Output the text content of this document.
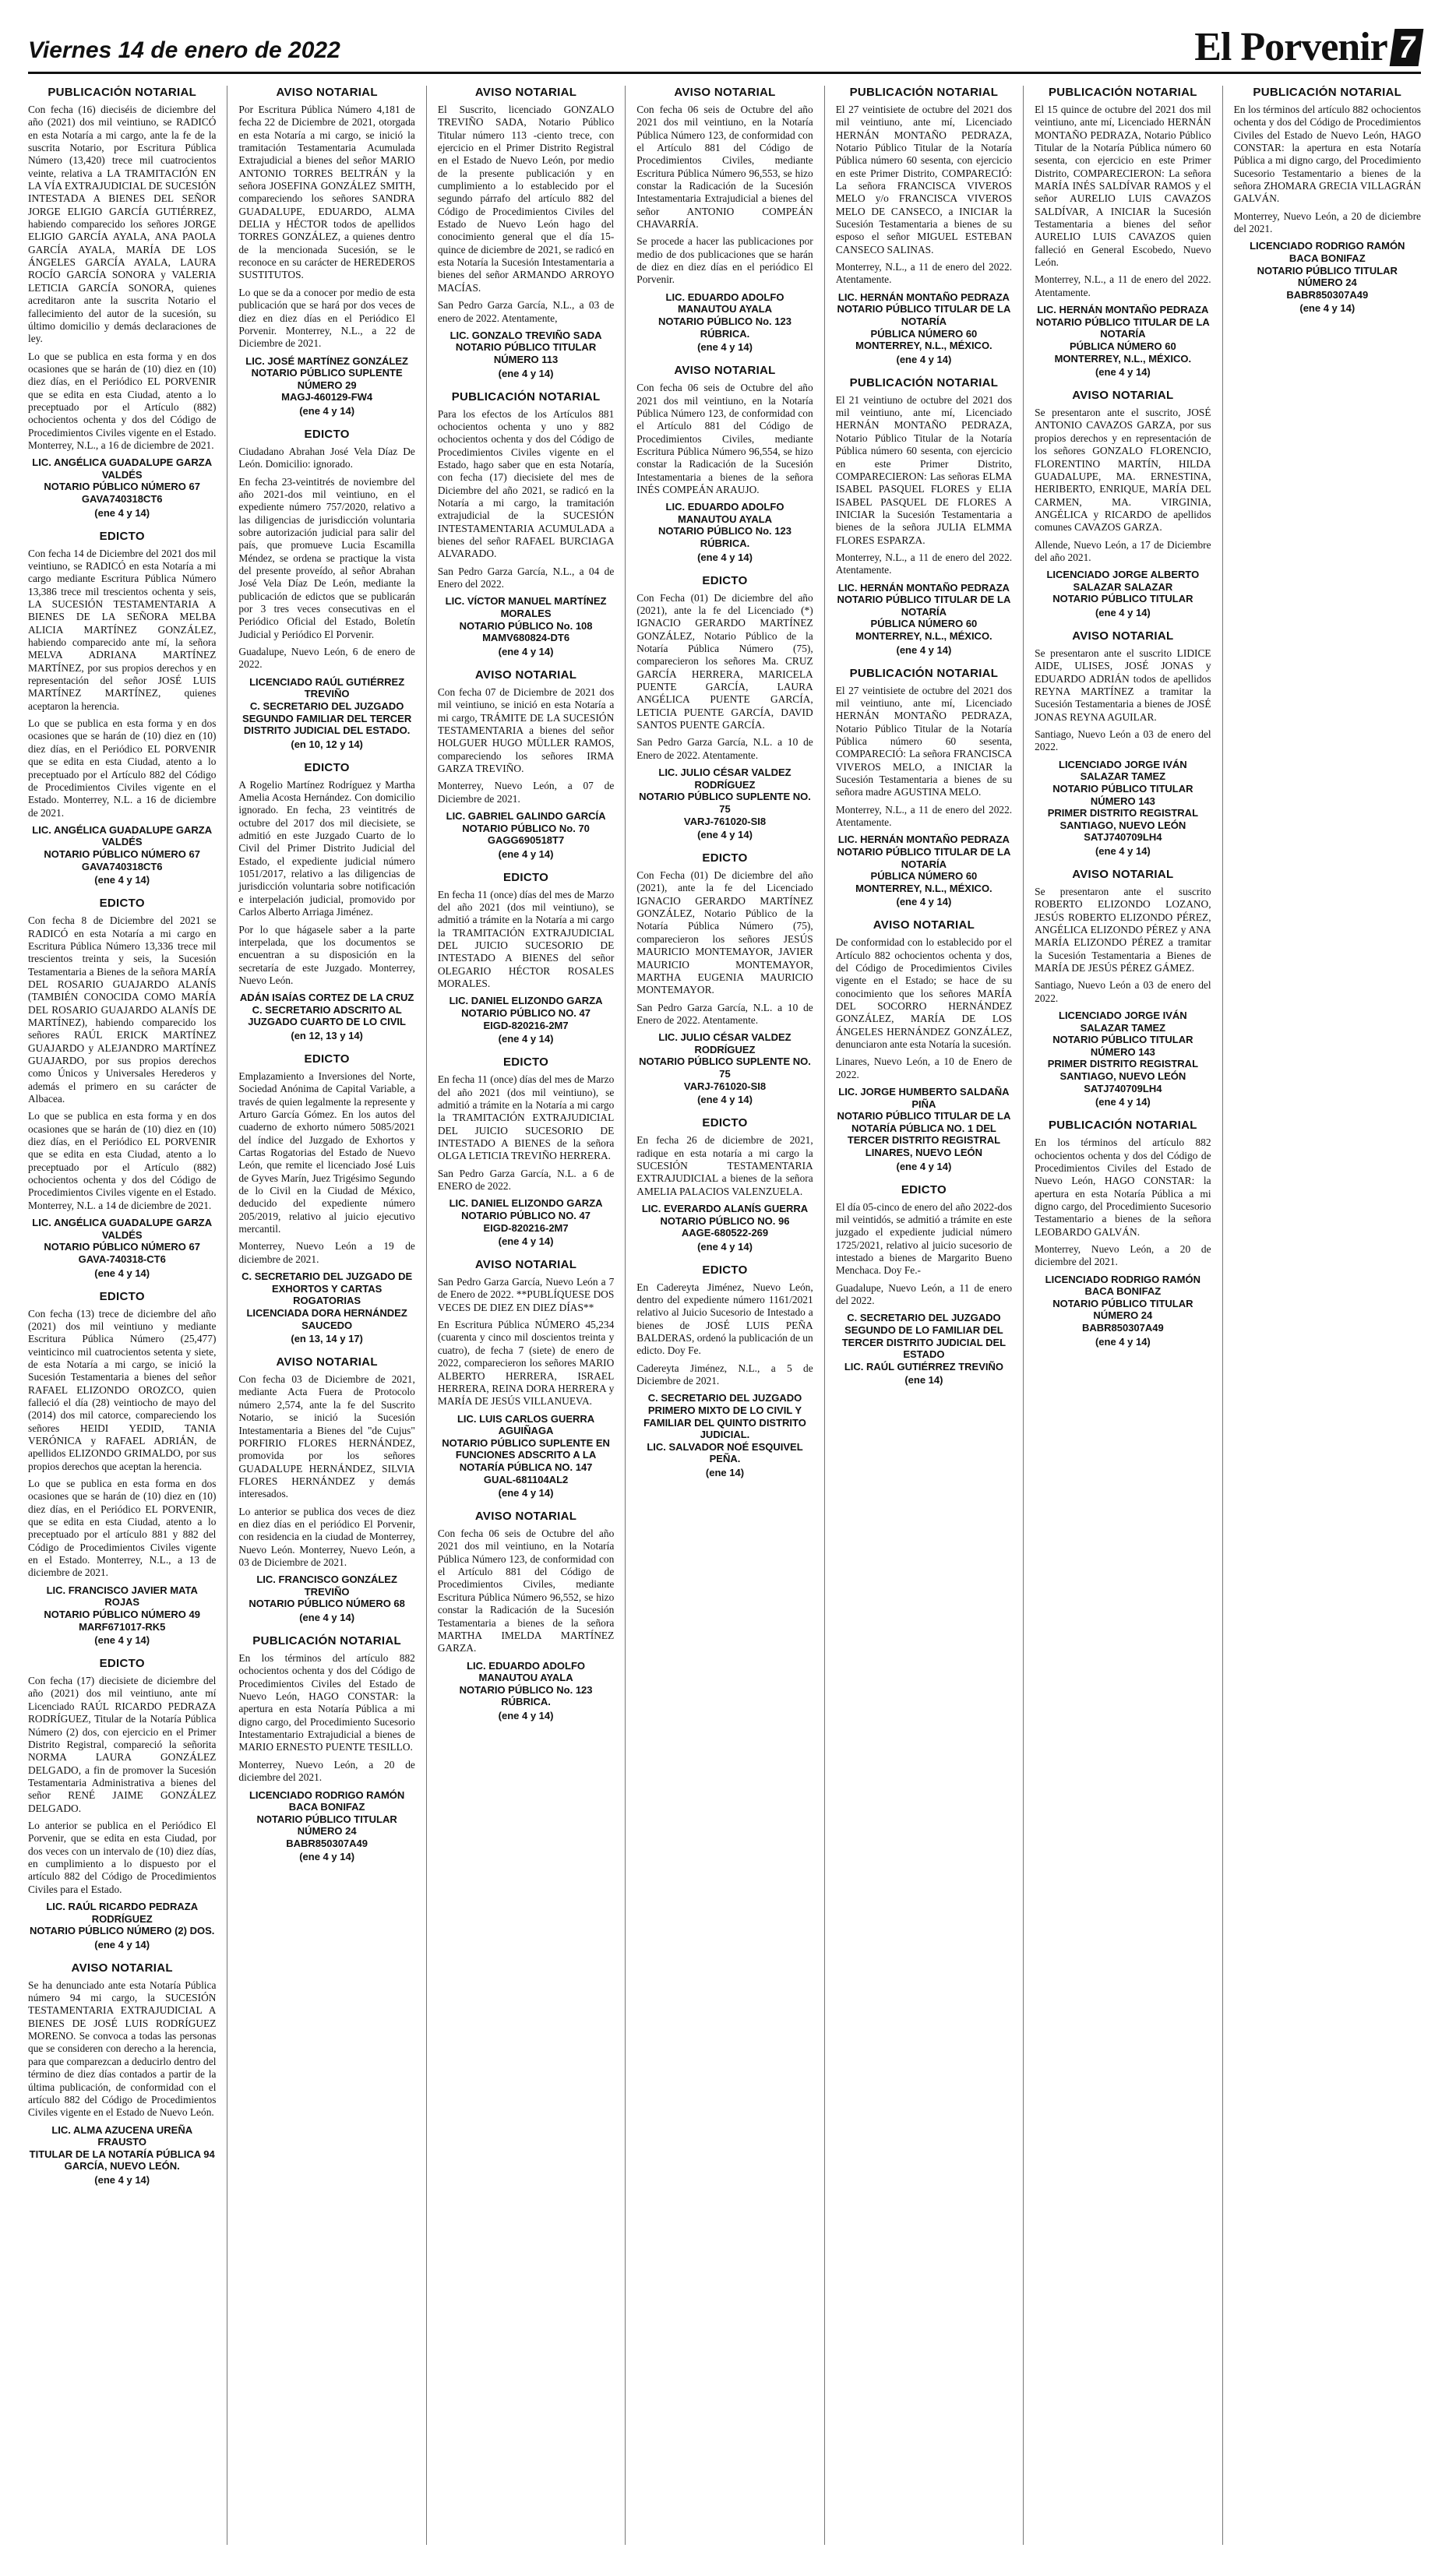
Viernes 14 de enero de 2022	El Porvenir 7
PUBLICACIÓN NOTARIAL

Con fecha (16) dieciséis de diciembre del año (2021) dos mil veintiuno, se RADICÓ en esta Notaría a mi cargo, ante la fe de la suscrita Notario, por Escritura Pública Número (13,420) trece mil cuatrocientos veinte, relativa a LA TRAMITACIÓN EN LA VÍA EXTRAJUDICIAL DE SUCESIÓN INTESTADA A BIENES DEL SEÑOR JORGE ELIGIO GARCÍA GUTIÉRREZ, habiendo comparecido los señores JORGE ELIGIO GARCÍA AYALA, ANA PAOLA GARCÍA AYALA, MARÍA DE LOS ÁNGELES GARCÍA AYALA, LAURA ROCÍO GARCÍA SONORA y VALERIA LETICIA GARCÍA SONORA, quienes acreditaron ante la suscrita Notario el fallecimiento del autor de la sucesión, su último domicilio y demás declaraciones de ley.

Lo que se publica en esta forma y en dos ocasiones que se harán de (10) diez en (10) diez días, en el Periódico EL PORVENIR que se edita en esta Ciudad, atento a lo preceptuado por el Artículo (882) ochocientos ochenta y dos del Código de Procedimientos Civiles vigente en el Estado. Monterrey, N.L., a 16 de diciembre de 2021.

LIC. ANGÉLICA GUADALUPE GARZA VALDÉS
NOTARIO PÚBLICO NÚMERO 67
GAVA740318CT6
(ene 4 y 14)
EDICTO

Con fecha 14 de Diciembre del 2021 dos mil veintiuno, se RADICÓ en esta Notaría a mi cargo mediante Escritura Pública Número 13,386 trece mil trescientos ochenta y seis, LA SUCESIÓN TESTAMENTARIA A BIENES DE LA SEÑORA MELBA ALICIA MARTÍNEZ GONZÁLEZ, habiendo comparecido ante mí, la señora MELVA ADRIANA MARTÍNEZ MARTÍNEZ, por sus propios derechos y en representación del señor JOSÉ LUIS MARTÍNEZ MARTÍNEZ, quienes aceptaron la herencia.

Lo que se publica en esta forma y en dos ocasiones que se harán de (10) diez en (10) diez días, en el Periódico EL PORVENIR que se edita en esta Ciudad, atento a lo preceptuado por el Artículo 882 del Código de Procedimientos Civiles vigente en el Estado. Monterrey, N.L. a 16 de diciembre de 2021.

LIC. ANGÉLICA GUADALUPE GARZA VALDÉS
NOTARIO PÚBLICO NÚMERO 67
GAVA740318CT6
(ene 4 y 14)
EDICTO

Con fecha 8 de Diciembre del 2021 se RADICÓ en esta Notaría a mi cargo en Escritura Pública Número 13,336 trece mil trescientos treinta y seis, la Sucesión Testamentaria a Bienes de la señora MARÍA DEL ROSARIO GUAJARDO ALANÍS (TAMBIÉN CONOCIDA COMO MARÍA DEL ROSARIO GUAJARDO ALANÍS DE MARTÍNEZ), habiendo comparecido los señores RAÚL ERICK MARTÍNEZ GUAJARDO y ALEJANDRO MARTÍNEZ GUAJARDO, por sus propios derechos como Únicos y Universales Herederos y además el primero en su carácter de Albacea.

Lo que se publica en esta forma y en dos ocasiones que se harán de (10) diez en (10) diez días, en el Periódico EL PORVENIR que se edita en esta Ciudad, atento a lo preceptuado por el Artículo (882) ochocientos ochenta y dos del Código de Procedimientos Civiles vigente en el Estado. Monterrey, N.L. a 14 de diciembre de 2021.

LIC. ANGÉLICA GUADALUPE GARZA VALDÉS
NOTARIO PÚBLICO NÚMERO 67
GAVA-740318-CT6
(ene 4 y 14)
EDICTO

Con fecha (13) trece de diciembre del año (2021) dos mil veintiuno y mediante Escritura Pública Número (25,477) veinticinco mil cuatrocientos setenta y siete, de esta Notaría a mi cargo, se inició la Sucesión Testamentaria a bienes del señor RAFAEL ELIZONDO OROZCO, quien falleció el día (28) veintiocho de mayo del (2014) dos mil catorce, compareciendo los señores HEIDI YEDID, TANIA VERÓNICA y RAFAEL ADRIÁN, de apellidos ELIZONDO GRIMALDO, por sus propios derechos que aceptan la herencia.

Lo que se publica en esta forma en dos ocasiones que se harán de (10) diez en (10) diez días, en el Periódico EL PORVENIR, que se edita en esta Ciudad, atento a lo preceptuado por el artículo 881 y 882 del Código de Procedimientos Civiles vigente en el Estado. Monterrey, N.L., a 13 de diciembre de 2021.

LIC. FRANCISCO JAVIER MATA ROJAS
NOTARIO PÚBLICO NÚMERO 49
MARF671017-RK5
(ene 4 y 14)
EDICTO

Con fecha (17) diecisiete de diciembre del año (2021) dos mil veintiuno, ante mí Licenciado RAÚL RICARDO PEDRAZA RODRÍGUEZ, Titular de la Notaría Pública Número (2) dos, con ejercicio en el Primer Distrito Registral, compareció la señorita NORMA LAURA GONZÁLEZ DELGADO, a fin de promover la Sucesión Testamentaria Administrativa a bienes del señor RENÉ JAIME GONZÁLEZ DELGADO.

Lo anterior se publica en el Periódico El Porvenir, que se edita en esta Ciudad, por dos veces con un intervalo de (10) diez días, en cumplimiento a lo dispuesto por el artículo 882 del Código de Procedimientos Civiles para el Estado.

LIC. RAÚL RICARDO PEDRAZA RODRÍGUEZ
NOTARIO PÚBLICO NÚMERO (2) DOS.
(ene 4 y 14)
AVISO NOTARIAL

Se ha denunciado ante esta Notaría Pública número 94 mi cargo, la SUCESIÓN TESTAMENTARIA EXTRAJUDICIAL A BIENES DE JOSÉ LUIS RODRÍGUEZ MORENO. Se convoca a todas las personas que se consideren con derecho a la herencia, para que comparezcan a deducirlo dentro del término de diez días contados a partir de la última publicación, de conformidad con el artículo 882 del Código de Procedimientos Civiles vigente en el Estado de Nuevo León.

LIC. ALMA AZUCENA UREÑA FRAUSTO
TITULAR DE LA NOTARÍA PÚBLICA 94
GARCÍA, NUEVO LEÓN.
(ene 4 y 14)
AVISO NOTARIAL

Por Escritura Pública Número 4,181 de fecha 22 de Diciembre de 2021, otorgada en esta Notaría a mi cargo, se inició la tramitación Testamentaria Acumulada Extrajudicial a bienes del señor MARIO ANTONIO TORRES BELTRÁN y la señora JOSEFINA GONZÁLEZ SMITH, compareciendo los señores SANDRA GUADALUPE, EDUARDO, ALMA DELIA y HÉCTOR todos de apellidos TORRES GONZÁLEZ, a quienes dentro de la mencionada Sucesión, se le reconoce en su carácter de HEREDEROS SUSTITUTOS.

Lo que se da a conocer por medio de esta publicación que se hará por dos veces de diez en diez días en el Periódico El Porvenir. Monterrey, N.L., a 22 de Diciembre de 2021.

LIC. JOSÉ MARTÍNEZ GONZÁLEZ
NOTARIO PÚBLICO SUPLENTE
NÚMERO 29
MAGJ-460129-FW4
(ene 4 y 14)
EDICTO

Ciudadano Abrahan José Vela Díaz De León. Domicilio: ignorado.

En fecha 23-veintitrés de noviembre del año 2021-dos mil veintiuno, en el expediente número 757/2020, relativo a las diligencias de jurisdicción voluntaria sobre autorización judicial para salir del país, que promueve Lucia Escamilla Méndez, se ordena se practique la vista del presente proveído, al señor Abrahan José Vela Díaz De León, mediante la publicación de edictos que se publicarán por 3 tres veces consecutivas en el Periódico Oficial del Estado, Boletín Judicial y Periódico El Porvenir.

Guadalupe, Nuevo León, 6 de enero de 2022.

LICENCIADO RAÚL GUTIÉRREZ TREVIÑO
C. SECRETARIO DEL JUZGADO SEGUNDO FAMILIAR DEL TERCER DISTRITO JUDICIAL DEL ESTADO.
(en 10, 12 y 14)
EDICTO

A Rogelio Martínez Rodríguez y Martha Amelia Acosta Hernández. Con domicilio ignorado. En fecha, 23 veintitrés de octubre del 2017 dos mil diecisiete, se admitió en este Juzgado Cuarto de lo Civil del Primer Distrito Judicial del Estado, el expediente judicial número 1051/2017, relativo a las diligencias de jurisdicción voluntaria sobre notificación e interpelación judicial, promovido por Carlos Alberto Arriaga Jiménez.

Por lo que hágasele saber a la parte interpelada, que los documentos se encuentran a su disposición en la secretaría de este Juzgado. Monterrey, Nuevo León.

ADÁN ISAÍAS CORTEZ DE LA CRUZ
C. SECRETARIO ADSCRITO AL JUZGADO CUARTO DE LO CIVIL
(en 12, 13 y 14)
EDICTO

Emplazamiento a Inversiones del Norte, Sociedad Anónima de Capital Variable, a través de quien legalmente la represente y Arturo García Gómez. En los autos del cuaderno de exhorto número 5085/2021 del índice del Juzgado de Exhortos y Cartas Rogatorias del Estado de Nuevo León, que remite el licenciado José Luis de Gyves Marín, Juez Trigésimo Segundo de lo Civil en la Ciudad de México, deducido del expediente número 205/2019, relativo al juicio ejecutivo mercantil.

Monterrey, Nuevo León a 19 de diciembre de 2021.

C. SECRETARIO DEL JUZGADO DE EXHORTOS Y CARTAS ROGATORIAS
LICENCIADA DORA HERNÁNDEZ SAUCEDO
(en 13, 14 y 17)
AVISO NOTARIAL

Con fecha 03 de Diciembre de 2021, mediante Acta Fuera de Protocolo número 2,574, ante la fe del Suscrito Notario, se inició la Sucesión Intestamentaria a Bienes del "de Cujus" PORFIRIO FLORES HERNÁNDEZ, promovida por los señores GUADALUPE HERNÁNDEZ, SILVIA FLORES HERNÁNDEZ y demás interesados.

Lo anterior se publica dos veces de diez en diez días en el periódico El Porvenir, con residencia en la ciudad de Monterrey, Nuevo León. Monterrey, Nuevo León, a 03 de Diciembre de 2021.

LIC. FRANCISCO GONZÁLEZ TREVIÑO
NOTARIO PÚBLICO NÚMERO 68
(ene 4 y 14)
PUBLICACIÓN NOTARIAL

En los términos del artículo 882 ochocientos ochenta y dos del Código de Procedimientos Civiles del Estado de Nuevo León, HAGO CONSTAR: la apertura en esta Notaría Pública a mi digno cargo, del Procedimiento Sucesorio Intestamentario Extrajudicial a bienes de MARIO ERNESTO PUENTE TESILLO.

Monterrey, Nuevo León, a 20 de diciembre del 2021.

LICENCIADO RODRIGO RAMÓN BACA BONIFAZ
NOTARIO PÚBLICO TITULAR NÚMERO 24
BABR850307A49
(ene 4 y 14)
AVISO NOTARIAL

El Suscrito, licenciado GONZALO TREVIÑO SADA, Notario Público Titular número 113 -ciento trece, con ejercicio en el Primer Distrito Registral en el Estado de Nuevo León, por medio de la presente publicación y en cumplimiento a lo establecido por el segundo párrafo del artículo 882 del Código de Procedimientos Civiles del Estado de Nuevo León hago del conocimiento general que el día 15-quince de diciembre de 2021, se radicó en esta Notaría la Sucesión Intestamentaria a bienes del señor ARMANDO ARROYO MACÍAS.

San Pedro Garza García, N.L., a 03 de enero de 2022. Atentamente,

LIC. GONZALO TREVIÑO SADA
NOTARIO PÚBLICO TITULAR NÚMERO 113
(ene 4 y 14)
PUBLICACIÓN NOTARIAL

Para los efectos de los Artículos 881 ochocientos ochenta y uno y 882 ochocientos ochenta y dos del Código de Procedimientos Civiles vigente en el Estado, hago saber que en esta Notaría, con fecha (17) diecisiete del mes de Diciembre del año 2021, se radicó en la Notaría a mi cargo, la tramitación extrajudicial de la SUCESIÓN INTESTAMENTARIA ACUMULADA a bienes del señor RAFAEL BURCIAGA ALVARADO.

San Pedro Garza García, N.L., a 04 de Enero del 2022.

LIC. VÍCTOR MANUEL MARTÍNEZ MORALES
NOTARIO PÚBLICO No. 108
MAMV680824-DT6
(ene 4 y 14)
AVISO NOTARIAL

Con fecha 07 de Diciembre de 2021 dos mil veintiuno, se inició en esta Notaría a mi cargo, TRÁMITE DE LA SUCESIÓN TESTAMENTARIA a bienes del señor HOLGUER HUGO MÜLLER RAMOS, compareciendo los señores IRMA GARZA TREVIÑO.

Monterrey, Nuevo León, a 07 de Diciembre de 2021.

LIC. GABRIEL GALINDO GARCÍA
NOTARIO PÚBLICO No. 70
GAGG690518T7
(ene 4 y 14)
EDICTO

En fecha 11 (once) días del mes de Marzo del año 2021 (dos mil veintiuno), se admitió a trámite en la Notaría a mi cargo la TRAMITACIÓN EXTRAJUDICIAL DEL JUICIO SUCESORIO DE INTESTADO A BIENES del señor OLEGARIO HÉCTOR ROSALES MORALES.

LIC. DANIEL ELIZONDO GARZA
NOTARIO PÚBLICO NO. 47
EIGD-820216-2M7
(ene 4 y 14)
EDICTO

En fecha 11 (once) días del mes de Marzo del año 2021 (dos mil veintiuno), se admitió a trámite en la Notaría a mi cargo la TRAMITACIÓN EXTRAJUDICIAL DEL JUICIO SUCESORIO DE INTESTADO A BIENES de la señora OLGA LETICIA TREVIÑO HERRERA.

San Pedro Garza García, N.L. a 6 de ENERO de 2022.

LIC. DANIEL ELIZONDO GARZA
NOTARIO PÚBLICO NO. 47
EIGD-820216-2M7
(ene 4 y 14)
AVISO NOTARIAL

San Pedro Garza García, Nuevo León a 7 de Enero de 2022. **PUBLÍQUESE DOS VECES DE DIEZ EN DIEZ DÍAS**

En Escritura Pública NÚMERO 45,234 (cuarenta y cinco mil doscientos treinta y cuatro), de fecha 7 (siete) de enero de 2022, comparecieron los señores MARIO ALBERTO HERRERA, ISRAEL HERRERA, REINA DORA HERRERA y MARÍA DE JESÚS VILLANUEVA.

LIC. LUIS CARLOS GUERRA AGUIÑAGA
NOTARIO PÚBLICO SUPLENTE EN FUNCIONES ADSCRITO A LA
NOTARÍA PÚBLICA NO. 147
GUAL-681104AL2
(ene 4 y 14)
AVISO NOTARIAL

Con fecha 06 seis de Octubre del año 2021 dos mil veintiuno, en la Notaría Pública Número 123, de conformidad con el Artículo 881 del Código de Procedimientos Civiles, mediante Escritura Pública Número 96,552, se hizo constar la Radicación de la Sucesión Testamentaria a bienes de la señora MARTHA IMELDA MARTÍNEZ GARZA.

LIC. EDUARDO ADOLFO MANAUTOU AYALA
NOTARIO PÚBLICO No. 123
RÚBRICA.
(ene 4 y 14)
AVISO NOTARIAL

Con fecha 06 seis de Octubre del año 2021 dos mil veintiuno, en la Notaría Pública Número 123, de conformidad con el Artículo 881 del Código de Procedimientos Civiles, mediante Escritura Pública Número 96,553, se hizo constar la Radicación de la Sucesión Intestamentaria Extrajudicial a bienes del señor ANTONIO COMPEÁN CHAVARRÍA.

Se procede a hacer las publicaciones por medio de dos publicaciones que se harán de diez en diez días en el periódico El Porvenir.

LIC. EDUARDO ADOLFO MANAUTOU AYALA
NOTARIO PÚBLICO No. 123
RÚBRICA.
(ene 4 y 14)
AVISO NOTARIAL

Con fecha 06 seis de Octubre del año 2021 dos mil veintiuno, en la Notaría Pública Número 123, de conformidad con el Artículo 881 del Código de Procedimientos Civiles, mediante Escritura Pública Número 96,554, se hizo constar la Radicación de la Sucesión Intestamentaria a bienes de la señora INÉS COMPEÁN ARAUJO.

LIC. EDUARDO ADOLFO MANAUTOU AYALA
NOTARIO PÚBLICO No. 123
RÚBRICA.
(ene 4 y 14)
EDICTO

Con Fecha (01) De diciembre del año (2021), ante la fe del Licenciado (*) IGNACIO GERARDO MARTÍNEZ GONZÁLEZ, Notario Público de la Notaría Pública Número (75), comparecieron los señores Ma. CRUZ GARCÍA HERRERA, MARICELA PUENTE GARCÍA, LAURA ANGÉLICA PUENTE GARCÍA, LETICIA PUENTE GARCÍA, DAVID SANTOS PUENTE GARCÍA.

San Pedro Garza García, N.L. a 10 de Enero de 2022. Atentamente.

LIC. JULIO CÉSAR VALDEZ RODRÍGUEZ
NOTARIO PÚBLICO SUPLENTE NO. 75
VARJ-761020-SI8
(ene 4 y 14)
EDICTO

Con Fecha (01) De diciembre del año (2021), ante la fe del Licenciado IGNACIO GERARDO MARTÍNEZ GONZÁLEZ, Notario Público de la Notaría Pública Número (75), comparecieron los señores JESÚS MAURICIO MONTEMAYOR, JAVIER MAURICIO MONTEMAYOR, MARTHA EUGENIA MAURICIO MONTEMAYOR.

San Pedro Garza García, N.L. a 10 de Enero de 2022. Atentamente.

LIC. JULIO CÉSAR VALDEZ RODRÍGUEZ
NOTARIO PÚBLICO SUPLENTE NO. 75
VARJ-761020-SI8
(ene 4 y 14)
EDICTO

En fecha 26 de diciembre de 2021, radique en esta notaría a mi cargo la SUCESIÓN TESTAMENTARIA EXTRAJUDICIAL a bienes de la señora AMELIA PALACIOS VALENZUELA.

LIC. EVERARDO ALANÍS GUERRA
NOTARIO PÚBLICO NO. 96
AAGE-680522-269
(ene 4 y 14)
EDICTO

En Cadereyta Jiménez, Nuevo León, dentro del expediente número 1161/2021 relativo al Juicio Sucesorio de Intestado a bienes de JOSÉ LUIS PEÑA BALDERAS, ordenó la publicación de un edicto. Doy Fe.

Cadereyta Jiménez, N.L., a 5 de Diciembre de 2021.

C. SECRETARIO DEL JUZGADO PRIMERO MIXTO DE LO CIVIL Y FAMILIAR DEL QUINTO DISTRITO JUDICIAL.
LIC. SALVADOR NOÉ ESQUIVEL PEÑA.
(ene 14)
PUBLICACIÓN NOTARIAL

El 27 veintisiete de octubre del 2021 dos mil veintiuno, ante mí, Licenciado HERNÁN MONTAÑO PEDRAZA, Notario Público Titular de la Notaría Pública número 60 sesenta, con ejercicio en este Primer Distrito, COMPARECIÓ: La señora FRANCISCA VIVEROS MELO y/o FRANCISCA VIVEROS MELO DE CANSECO, a INICIAR la Sucesión Testamentaria a bienes de su esposo el señor MIGUEL ESTEBAN CANSECO SALINAS.

Monterrey, N.L., a 11 de enero del 2022. Atentamente.

LIC. HERNÁN MONTAÑO PEDRAZA
NOTARIO PÚBLICO TITULAR DE LA NOTARÍA
PÚBLICA NÚMERO 60
MONTERREY, N.L., MÉXICO.
(ene 4 y 14)
PUBLICACIÓN NOTARIAL

El 21 veintiuno de octubre del 2021 dos mil veintiuno, ante mí, Licenciado HERNÁN MONTAÑO PEDRAZA, Notario Público Titular de la Notaría Pública número 60 sesenta, con ejercicio en este Primer Distrito, COMPARECIERON: Las señoras ELMA ISABEL PASQUEL FLORES y ELIA ISABEL PASQUEL DE FLORES A INICIAR la Sucesión Testamentaria a bienes de la señora JULIA ELMMA FLORES ESPARZA.

Monterrey, N.L., a 11 de enero del 2022. Atentamente.

LIC. HERNÁN MONTAÑO PEDRAZA
NOTARIO PÚBLICO TITULAR DE LA NOTARÍA
PÚBLICA NÚMERO 60
MONTERREY, N.L., MÉXICO.
(ene 4 y 14)
PUBLICACIÓN NOTARIAL

El 27 veintisiete de octubre del 2021 dos mil veintiuno, ante mí, Licenciado HERNÁN MONTAÑO PEDRAZA, Notario Público Titular de la Notaría Pública número 60 sesenta, COMPARECIÓ: La señora FRANCISCA VIVEROS MELO, a INICIAR la Sucesión Testamentaria a bienes de su señora madre AGUSTINA MELO.

Monterrey, N.L., a 11 de enero del 2022. Atentamente.

LIC. HERNÁN MONTAÑO PEDRAZA
NOTARIO PÚBLICO TITULAR DE LA NOTARÍA
PÚBLICA NÚMERO 60
MONTERREY, N.L., MÉXICO.
(ene 4 y 14)
AVISO NOTARIAL

De conformidad con lo establecido por el Artículo 882 ochocientos ochenta y dos, del Código de Procedimientos Civiles vigente en el Estado; se hace de su conocimiento que los señores MARÍA DEL SOCORRO HERNÁNDEZ GONZÁLEZ, MARÍA DE LOS ÁNGELES HERNÁNDEZ GONZÁLEZ, denunciaron ante esta Notaría la sucesión.

Linares, Nuevo León, a 10 de Enero de 2022.

LIC. JORGE HUMBERTO SALDAÑA PIÑA
NOTARIO PÚBLICO TITULAR DE LA NOTARÍA PÚBLICA NO. 1 DEL TERCER DISTRITO REGISTRAL LINARES, NUEVO LEÓN
(ene 4 y 14)
EDICTO

El día 05-cinco de enero del año 2022-dos mil veintidós, se admitió a trámite en este juzgado el expediente judicial número 1725/2021, relativo al juicio sucesorio de intestado a bienes de Margarito Bueno Menchaca. Doy Fe.-

Guadalupe, Nuevo León, a 11 de enero del 2022.

C. SECRETARIO DEL JUZGADO SEGUNDO DE LO FAMILIAR DEL TERCER DISTRITO JUDICIAL DEL ESTADO
LIC. RAÚL GUTIÉRREZ TREVIÑO
(ene 14)
PUBLICACIÓN NOTARIAL

El 15 quince de octubre del 2021 dos mil veintiuno, ante mí, Licenciado HERNÁN MONTAÑO PEDRAZA, Notario Público Titular de la Notaría Pública número 60 sesenta, con ejercicio en este Primer Distrito, COMPARECIERON: La señora MARÍA INÉS SALDÍVAR RAMOS y el señor AURELIO LUIS CAVAZOS SALDÍVAR, A INICIAR la Sucesión Testamentaria a bienes del señor AURELIO LUIS CAVAZOS quien falleció en General Escobedo, Nuevo León.

Monterrey, N.L., a 11 de enero del 2022. Atentamente.

LIC. HERNÁN MONTAÑO PEDRAZA
NOTARIO PÚBLICO TITULAR DE LA NOTARÍA
PÚBLICA NÚMERO 60
MONTERREY, N.L., MÉXICO.
(ene 4 y 14)
AVISO NOTARIAL

Se presentaron ante el suscrito, JOSÉ ANTONIO CAVAZOS GARZA, por sus propios derechos y en representación de los señores GONZALO FLORENCIO, FLORENTINO MARTÍN, HILDA GUADALUPE, MA. ERNESTINA, HERIBERTO, ENRIQUE, MARÍA DEL CARMEN, MA. VIRGINIA, ANGÉLICA y RICARDO de apellidos comunes CAVAZOS GARZA.

Allende, Nuevo León, a 17 de Diciembre del año 2021.

LICENCIADO JORGE ALBERTO SALAZAR SALAZAR
NOTARIO PÚBLICO TITULAR
(ene 4 y 14)
AVISO NOTARIAL

Se presentaron ante el suscrito LIDICE AIDE, ULISES, JOSÉ JONAS y EDUARDO ADRIÁN todos de apellidos REYNA MARTÍNEZ a tramitar la Sucesión Testamentaria a bienes de JOSÉ JONAS REYNA AGUILAR.

Santiago, Nuevo León a 03 de enero del 2022.

LICENCIADO JORGE IVÁN SALAZAR TAMEZ
NOTARIO PÚBLICO TITULAR NÚMERO 143
PRIMER DISTRITO REGISTRAL
SANTIAGO, NUEVO LEÓN
SATJ740709LH4
(ene 4 y 14)
AVISO NOTARIAL

Se presentaron ante el suscrito ROBERTO ELIZONDO LOZANO, JESÚS ROBERTO ELIZONDO PÉREZ, ANGÉLICA ELIZONDO PÉREZ y ANA MARÍA ELIZONDO PÉREZ a tramitar la Sucesión Testamentaria a Bienes de MARÍA DE JESÚS PÉREZ GÁMEZ.

Santiago, Nuevo León a 03 de enero del 2022.

LICENCIADO JORGE IVÁN SALAZAR TAMEZ
NOTARIO PÚBLICO TITULAR NÚMERO 143
PRIMER DISTRITO REGISTRAL
SANTIAGO, NUEVO LEÓN
SATJ740709LH4
(ene 4 y 14)
PUBLICACIÓN NOTARIAL

En los términos del artículo 882 ochocientos ochenta y dos del Código de Procedimientos Civiles del Estado de Nuevo León, HAGO CONSTAR: la apertura en esta Notaría Pública a mi digno cargo, del Procedimiento Sucesorio Testamentario a bienes de la señora LEOBARDO GALVÁN.

Monterrey, Nuevo León, a 20 de diciembre del 2021.

LICENCIADO RODRIGO RAMÓN BACA BONIFAZ
NOTARIO PÚBLICO TITULAR NÚMERO 24
BABR850307A49
(ene 4 y 14)
PUBLICACIÓN NOTARIAL

En los términos del artículo 882 ochocientos ochenta y dos del Código de Procedimientos Civiles del Estado de Nuevo León, HAGO CONSTAR: la apertura en esta Notaría Pública a mi digno cargo, del Procedimiento Sucesorio Testamentario a bienes de la señora ZHOMARA GRECIA VILLAGRÁN GALVÁN.

Monterrey, Nuevo León, a 20 de diciembre del 2021.

LICENCIADO RODRIGO RAMÓN BACA BONIFAZ
NOTARIO PÚBLICO TITULAR NÚMERO 24
BABR850307A49
(ene 4 y 14)
